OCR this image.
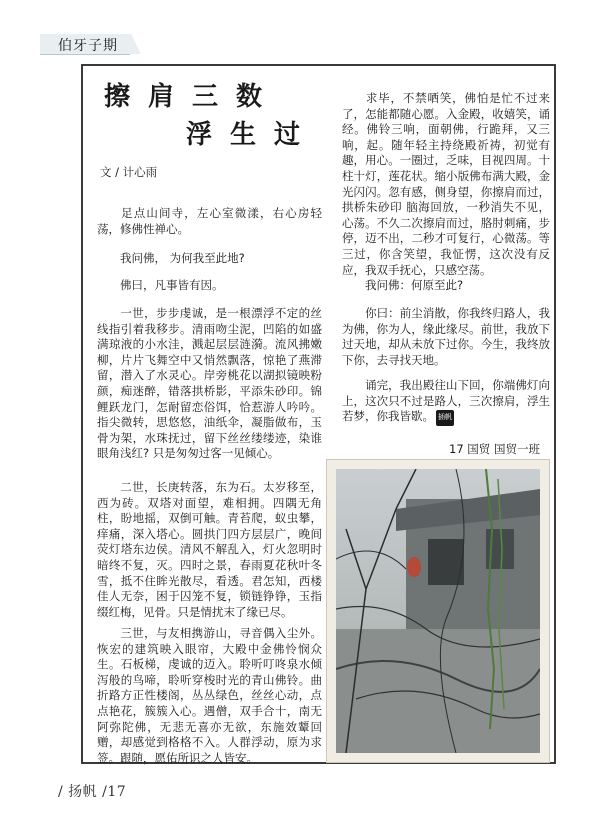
伯牙子期
擦肩三数
浮生过
文 / 计心雨

足点山间寺，左心室微漾，右心房轻荡，修佛性禅心。

我问佛， 为何我至此地?

佛曰，凡事皆有因。

一世，步步虔诚，是一根漂浮不定的丝线指引着我移步。清雨吻尘泥，凹陷的如盛满琼液的小水洼，溅起层层涟漪。流风拂嫩柳，片片飞舞空中又悄然飘落，惊艳了燕滞留，潜入了水灵心。岸旁桃花以湖拟镜映粉颜，痴迷醉，错落拱桥影，平添朱砂印。锦鲤跃龙门，怎耐留恋俗饵，恰惹游人吟吟。指尖微转，思悠悠，油纸伞，凝脂做布，玉骨为架，水珠抚过，留下丝丝缕缕迹，染谁眼角浅红? 只是匆匆过客一见倾心。

二世，长庚转落，东为石。太岁移至，西为砖。双塔对面望，难相拥。四隅无角柱，盼地摇，双倒可触。青苔爬，蚁虫攀，痒痛，深入塔心。圆拱门四方层层广，晚间荧灯塔东边侯。清风不解乱入，灯火忽明时暗终不复，灭。四时之景，春雨夏花秋叶冬雪，抵不住眸光散尽，看透。君怎知，西楼佳人无奈，困于囚笼不复，锁链铮铮，玉指缀红梅，见骨。只是情扰末了缘已尽。

三世，与友相携游山，寻音偶入尘外。恢宏的建筑映入眼帘，大殿中金佛怜悯众生。石板梯，虔诚的迈入。聆听叮咚泉水倾泻般的鸟啼，聆听穿梭时光的青山佛铃。曲折路方正性楼阁，丛丛绿色，丝丝心动，点点艳花，簇簇入心。遇僧，双手合十，南无阿弥陀佛，无悲无喜亦无欲，东施效颦回赠，却感觉到格格不入。人群浮动，原为求签。跟随，愿佑所识之人皆安。

求毕，不禁哂笑，佛怕是忙不过来了，怎能都随心愿。入金殿，收嬉笑，诵经。佛铃三响，面朝佛，行跪拜，又三响，起。随年轻主持绕殿祈祷，初觉有趣，用心。一圈过，乏味，目视四周。十柱十灯，莲花状。缩小版佛布满大殿，金光闪闪。忽有感，侧身望，你擦肩而过，拱桥朱砂印 脑海回放，一秒消失不见，心荡。不久二次擦肩而过，胳肘刺痛，步停，迈不出，二秒才可复行，心微荡。等三过，你含笑望，我怔愣，这次没有反应，我双手抚心，只感空荡。

我问佛：何原至此?

你曰：前尘消散，你我终归路人，我为佛，你为人，缘此缘尽。前世，我放下过天地，却从未放下过你。今生，我终放下你，去寻找天地。

诵完，我出殿往山下回，你端佛灯向上，这次只不过是路人，三次擦肩，浮生若梦，你我皆歇。 插帆

17 国贸 国贸一班
/ 扬帆 /17
